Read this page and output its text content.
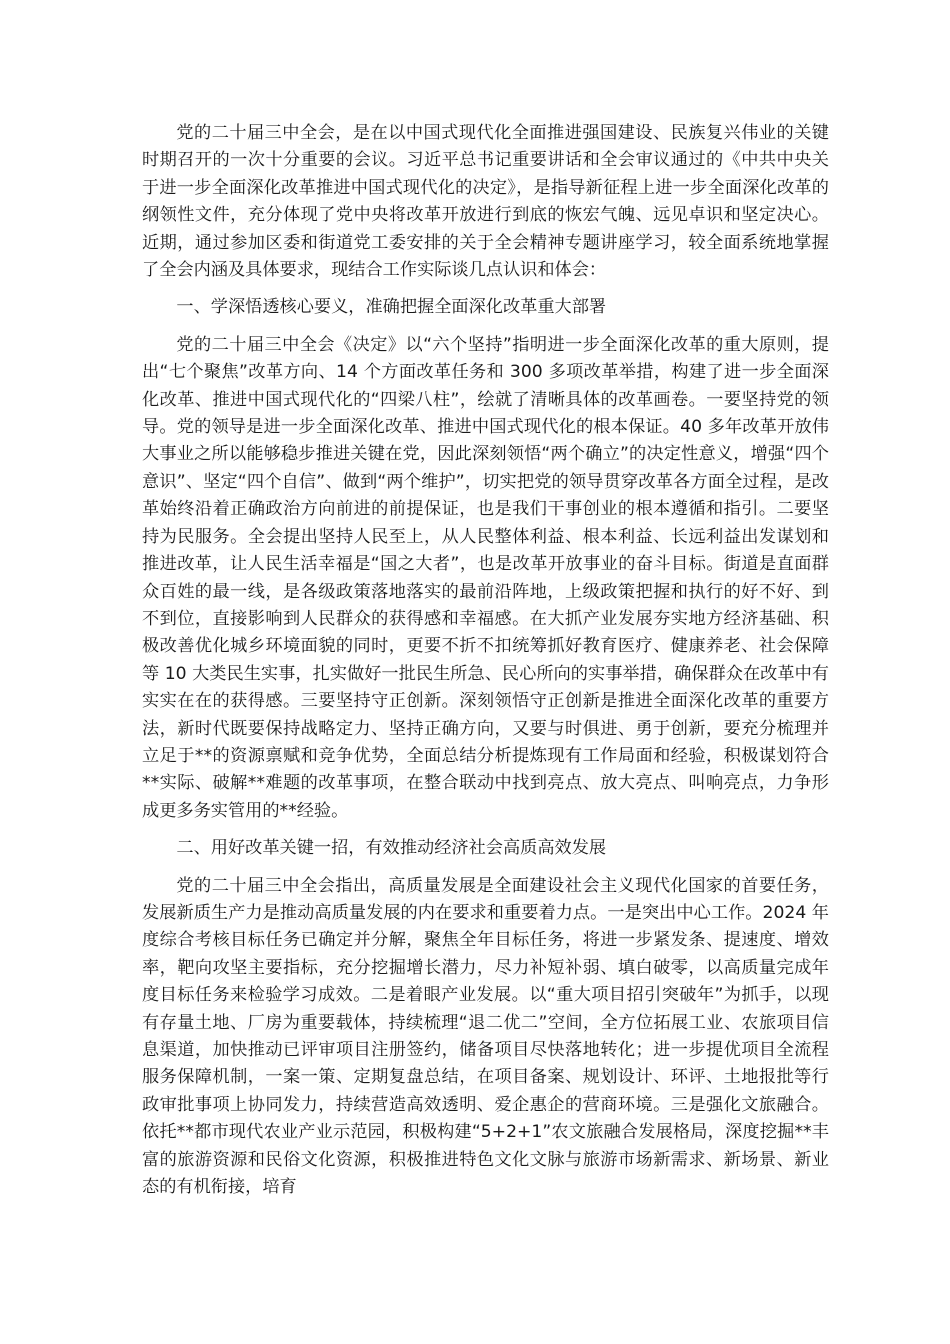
党的二十届三中全会，是在以中国式现代化全面推进强国建设、民族复兴伟业的关键时期召开的一次十分重要的会议。习近平总书记重要讲话和全会审议通过的《中共中央关于进一步全面深化改革推进中国式现代化的决定》，是指导新征程上进一步全面深化改革的纲领性文件，充分体现了党中央将改革开放进行到底的恢宏气魄、远见卓识和坚定决心。近期，通过参加区委和街道党工委安排的关于全会精神专题讲座学习，较全面系统地掌握了全会内涵及具体要求，现结合工作实际谈几点认识和体会：

一、学深悟透核心要义，准确把握全面深化改革重大部署

党的二十届三中全会《决定》以“六个坚持”指明进一步全面深化改革的重大原则，提出“七个聚焦”改革方向、14 个方面改革任务和 300 多项改革举措，构建了进一步全面深化改革、推进中国式现代化的“四梁八柱”，绘就了清晰具体的改革画卷。一要坚持党的领导。党的领导是进一步全面深化改革、推进中国式现代化的根本保证。40 多年改革开放伟大事业之所以能够稳步推进关键在党，因此深刻领悟“两个确立”的决定性意义，增强“四个意识”、坚定“四个自信”、做到“两个维护”，切实把党的领导贯穿改革各方面全过程，是改革始终沿着正确政治方向前进的前提保证，也是我们干事创业的根本遵循和指引。二要坚持为民服务。全会提出坚持人民至上，从人民整体利益、根本利益、长远利益出发谋划和推进改革，让人民生活幸福是“国之大者”，也是改革开放事业的奋斗目标。街道是直面群众百姓的最一线，是各级政策落地落实的最前沿阵地，上级政策把握和执行的好不好、到不到位，直接影响到人民群众的获得感和幸福感。在大抓产业发展夯实地方经济基础、积极改善优化城乡环境面貌的同时，更要不折不扣统筹抓好教育医疗、健康养老、社会保障等 10 大类民生实事，扎实做好一批民生所急、民心所向的实事举措，确保群众在改革中有实实在在的获得感。三要坚持守正创新。深刻领悟守正创新是推进全面深化改革的重要方法，新时代既要保持战略定力、坚持正确方向，又要与时俱进、勇于创新，要充分梳理并立足于**的资源禀赋和竞争优势，全面总结分析提炼现有工作局面和经验，积极谋划符合**实际、破解**难题的改革事项，在整合联动中找到亮点、放大亮点、叫响亮点，力争形成更多务实管用的**经验。

二、用好改革关键一招，有效推动经济社会高质高效发展

党的二十届三中全会指出，高质量发展是全面建设社会主义现代化国家的首要任务，发展新质生产力是推动高质量发展的内在要求和重要着力点。一是突出中心工作。2024 年度综合考核目标任务已确定并分解，聚焦全年目标任务，将进一步紧发条、提速度、增效率，靶向攻坚主要指标，充分挖掘增长潜力，尽力补短补弱、填白破零，以高质量完成年度目标任务来检验学习成效。二是着眼产业发展。以“重大项目招引突破年”为抓手，以现有存量土地、厂房为重要载体，持续梳理“退二优二”空间，全方位拓展工业、农旅项目信息渠道，加快推动已评审项目注册签约，储备项目尽快落地转化；进一步提优项目全流程服务保障机制，一案一策、定期复盘总结，在项目备案、规划设计、环评、土地报批等行政审批事项上协同发力，持续营造高效透明、爱企惠企的营商环境。三是强化文旅融合。依托**都市现代农业产业示范园，积极构建“5+2+1”农文旅融合发展格局，深度挖掘**丰富的旅游资源和民俗文化资源，积极推进特色文化文脉与旅游市场新需求、新场景、新业态的有机衔接，培育
